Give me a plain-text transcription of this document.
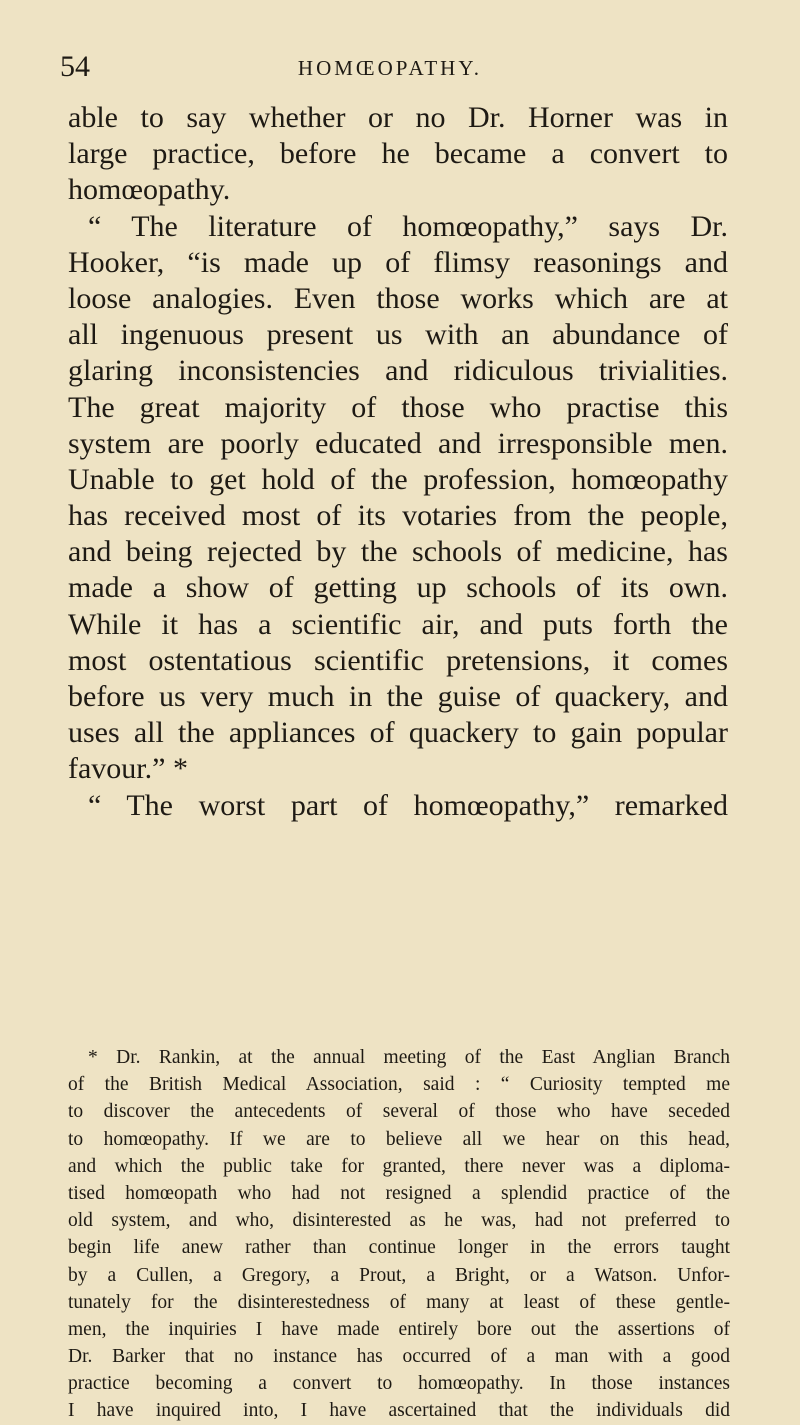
54	HOMŒOPATHY.
able to say whether or no Dr. Horner was in
large practice, before he became a convert to
homœopathy.
“ The literature of homœopathy,” says Dr.
Hooker, “is made up of flimsy reasonings and
loose analogies. Even those works which are at
all ingenuous present us with an abundance of
glaring inconsistencies and ridiculous trivialities.
The great majority of those who practise this
system are poorly educated and irresponsible men.
Unable to get hold of the profession, homœopathy
has received most of its votaries from the people,
and being rejected by the schools of medicine, has
made a show of getting up schools of its own.
While it has a scientific air, and puts forth the
most ostentatious scientific pretensions, it comes
before us very much in the guise of quackery, and
uses all the appliances of quackery to gain popular
favour.” *
“ The worst part of homœopathy,” remarked
* Dr. Rankin, at the annual meeting of the East Anglian Branch
of the British Medical Association, said : “ Curiosity tempted me
to discover the antecedents of several of those who have seceded
to homœopathy. If we are to believe all we hear on this head,
and which the public take for granted, there never was a diploma-
tised homœopath who had not resigned a splendid practice of the
old system, and who, disinterested as he was, had not preferred to
begin life anew rather than continue longer in the errors taught
by a Cullen, a Gregory, a Prout, a Bright, or a Watson. Unfor-
tunately for the disinterestedness of many at least of these gentle-
men, the inquiries I have made entirely bore out the assertions of
Dr. Barker that no instance has occurred of a man with a good
practice becoming a convert to homœopathy. In those instances
I have inquired into, I have ascertained that the individuals did
